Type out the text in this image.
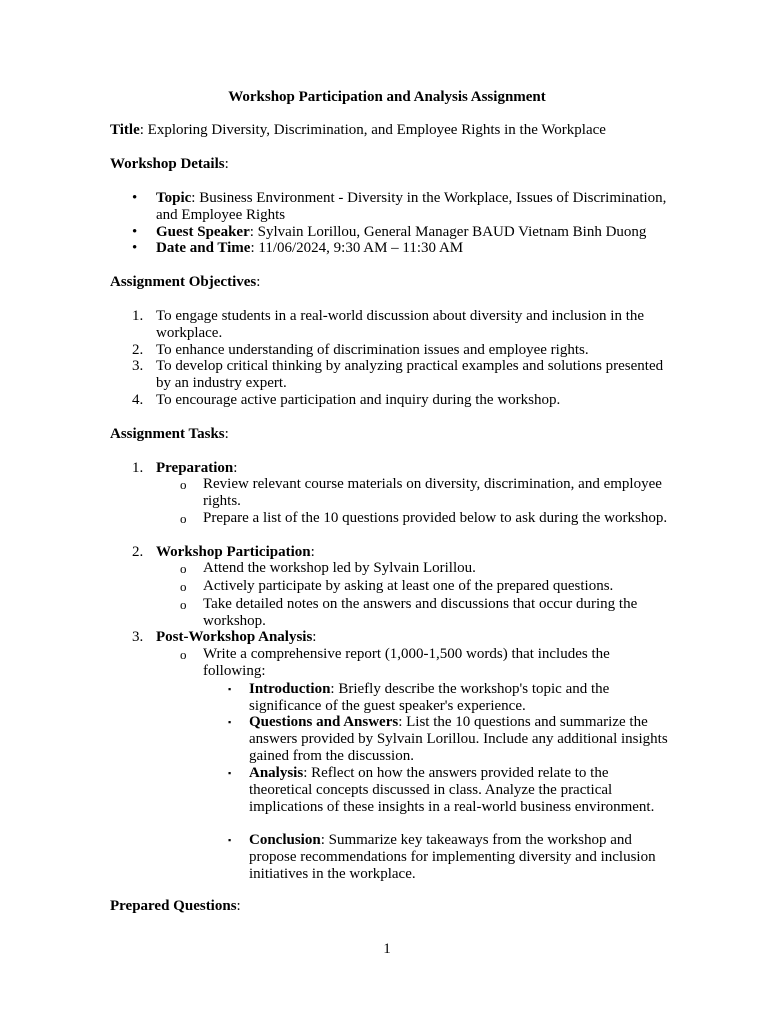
Workshop Participation and Analysis Assignment
Title: Exploring Diversity, Discrimination, and Employee Rights in the Workplace
Workshop Details:
• Topic: Business Environment - Diversity in the Workplace, Issues of Discrimination, and Employee Rights
• Guest Speaker: Sylvain Lorillou, General Manager BAUD Vietnam Binh Duong
• Date and Time: 11/06/2024, 9:30 AM – 11:30 AM
Assignment Objectives:
1. To engage students in a real-world discussion about diversity and inclusion in the workplace.
2. To enhance understanding of discrimination issues and employee rights.
3. To develop critical thinking by analyzing practical examples and solutions presented by an industry expert.
4. To encourage active participation and inquiry during the workshop.
Assignment Tasks:
1. Preparation:
o Review relevant course materials on diversity, discrimination, and employee rights.
o Prepare a list of the 10 questions provided below to ask during the workshop.
2. Workshop Participation:
o Attend the workshop led by Sylvain Lorillou.
o Actively participate by asking at least one of the prepared questions.
o Take detailed notes on the answers and discussions that occur during the workshop.
3. Post-Workshop Analysis:
o Write a comprehensive report (1,000-1,500 words) that includes the following:
▪ Introduction: Briefly describe the workshop's topic and the significance of the guest speaker's experience.
▪ Questions and Answers: List the 10 questions and summarize the answers provided by Sylvain Lorillou. Include any additional insights gained from the discussion.
▪ Analysis: Reflect on how the answers provided relate to the theoretical concepts discussed in class. Analyze the practical implications of these insights in a real-world business environment.
▪ Conclusion: Summarize key takeaways from the workshop and propose recommendations for implementing diversity and inclusion initiatives in the workplace.
Prepared Questions:
1
